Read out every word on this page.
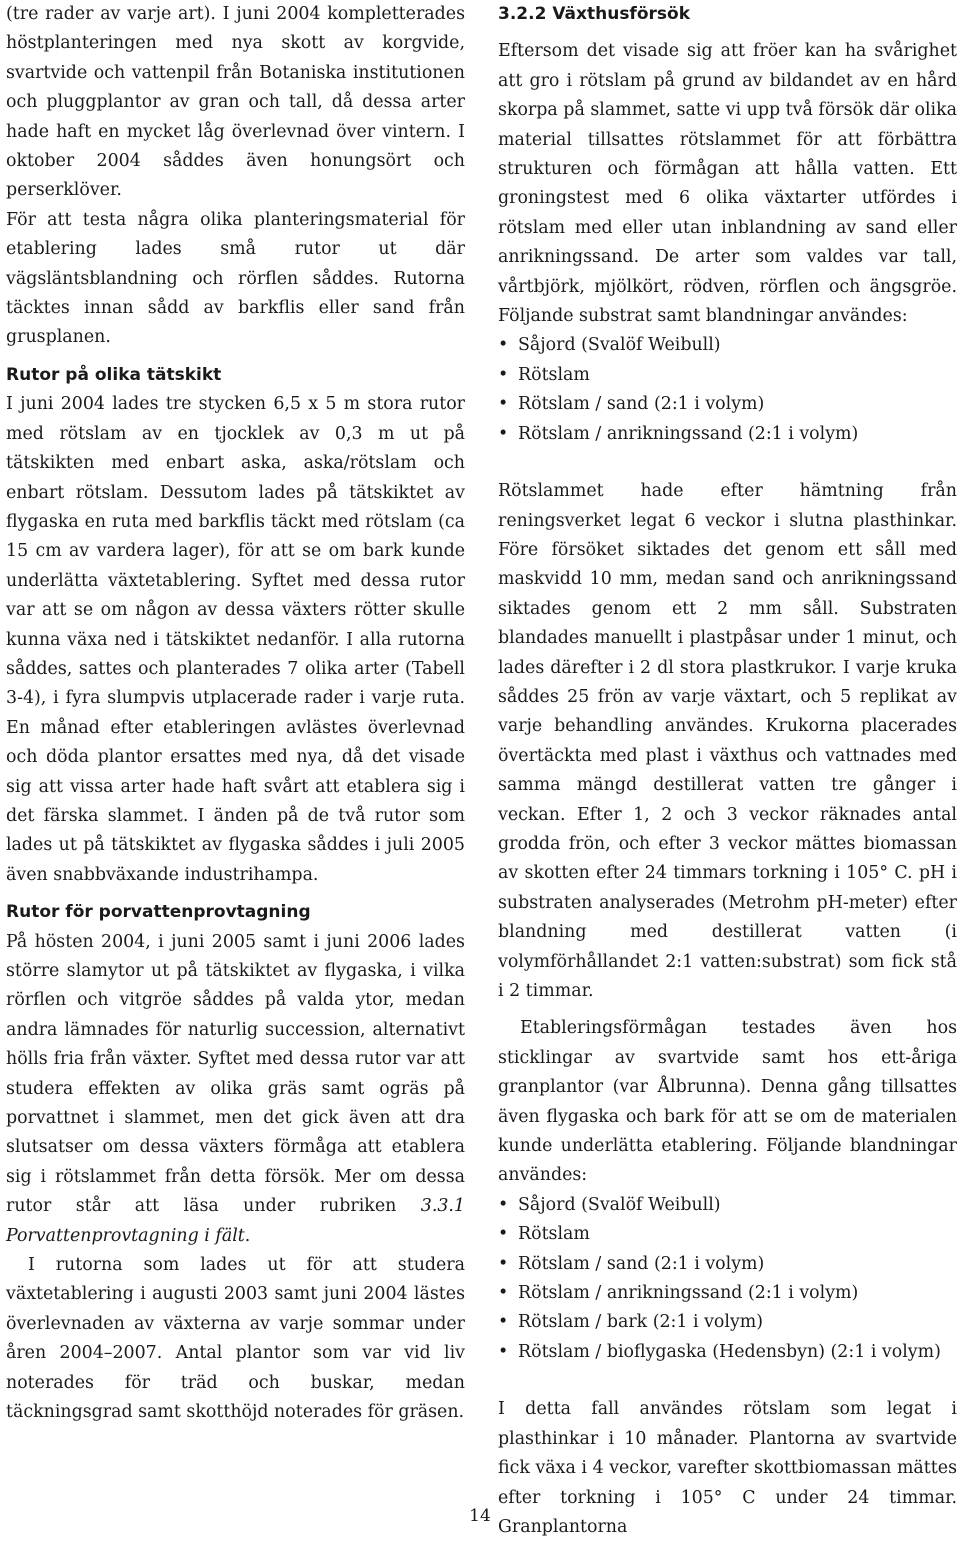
(tre rader av varje art). I juni 2004 kompletterades höstplanteringen med nya skott av korgvide, svartvide och vattenpil från Botaniska institutionen och pluggplantor av gran och tall, då dessa arter hade haft en mycket låg överlevnad över vintern. I oktober 2004 såddes även honungsört och perserklöver.

För att testa några olika planteringsmaterial för etablering lades små rutor ut där vägsläntsblandning och rörflen såddes. Rutorna täcktes innan sådd av barkflis eller sand från grusplanen.

Rutor på olika tätskikt

I juni 2004 lades tre stycken 6,5 x 5 m stora rutor med rötslam av en tjocklek av 0,3 m ut på tätskikten med enbart aska, aska/rötslam och enbart rötslam. Dessutom lades på tätskiktet av flygaska en ruta med barkflis täckt med rötslam (ca 15 cm av vardera lager), för att se om bark kunde underlätta växtetablering. Syftet med dessa rutor var att se om någon av dessa växters rötter skulle kunna växa ned i tätskiktet nedanför. I alla rutorna såddes, sattes och planterades 7 olika arter (Tabell 3-4), i fyra slumpvis utplacerade rader i varje ruta. En månad efter etableringen avlästes överlevnad och döda plantor ersattes med nya, då det visade sig att vissa arter hade haft svårt att etablera sig i det färska slammet. I änden på de två rutor som lades ut på tätskiktet av flygaska såddes i juli 2005 även snabbväxande industrihampa.

Rutor för porvattenprovtagning

På hösten 2004, i juni 2005 samt i juni 2006 lades större slamytor ut på tätskiktet av flygaska, i vilka rörflen och vitgröe såddes på valda ytor, medan andra lämnades för naturlig succession, alternativt hölls fria från växter. Syftet med dessa rutor var att studera effekten av olika gräs samt ogräs på porvattnet i slammet, men det gick även att dra slutsatser om dessa växters förmåga att etablera sig i rötslammet från detta försök. Mer om dessa rutor står att läsa under rubriken 3.3.1 Porvattenprovtagning i fält.

I rutorna som lades ut för att studera växtetablering i augusti 2003 samt juni 2004 lästes överlevnaden av växterna av varje sommar under åren 2004–2007. Antal plantor som var vid liv noterades för träd och buskar, medan täckningsgrad samt skotthöjd noterades för gräsen.

3.2.2 Växthusförsök

Eftersom det visade sig att fröer kan ha svårighet att gro i rötslam på grund av bildandet av en hård skorpa på slammet, satte vi upp två försök där olika material tillsattes rötslammet för att förbättra strukturen och förmågan att hålla vatten. Ett groningstest med 6 olika växtarter utfördes i rötslam med eller utan inblandning av sand eller anrikningssand. De arter som valdes var tall, vårtbjörk, mjölkört, rödven, rörflen och ängsgröe. Följande substrat samt blandningar användes:

• Såjord (Svalöf Weibull)
• Rötslam
• Rötslam / sand (2:1 i volym)
• Rötslam / anrikningssand (2:1 i volym)

Rötslammet hade efter hämtning från reningsverket legat 6 veckor i slutna plasthinkar. Före försöket siktades det genom ett såll med maskvidd 10 mm, medan sand och anrikningssand siktades genom ett 2 mm såll. Substraten blandades manuellt i plastpåsar under 1 minut, och lades därefter i 2 dl stora plastkrukor. I varje kruka såddes 25 frön av varje växtart, och 5 replikat av varje behandling användes. Krukorna placerades övertäckta med plast i växthus och vattnades med samma mängd destillerat vatten tre gånger i veckan. Efter 1, 2 och 3 veckor räknades antal grodda frön, och efter 3 veckor mättes biomassan av skotten efter 24 timmars torkning i 105° C. pH i substraten analyserades (Metrohm pH-meter) efter blandning med destillerat vatten (i volymförhållandet 2:1 vatten:substrat) som fick stå i 2 timmar.

Etableringsförmågan testades även hos sticklingar av svartvide samt hos ett-åriga granplantor (var Ålbrunna). Denna gång tillsattes även flygaska och bark för att se om de materialen kunde underlätta etablering. Följande blandningar användes:

• Såjord (Svalöf Weibull)
• Rötslam
• Rötslam / sand (2:1 i volym)
• Rötslam / anrikningssand (2:1 i volym)
• Rötslam / bark (2:1 i volym)
• Rötslam / bioflygaska (Hedensbyn) (2:1 i volym)

I detta fall användes rötslam som legat i plasthinkar i 10 månader. Plantorna av svartvide fick växa i 4 veckor, varefter skottbiomassan mättes efter torkning i 105° C under 24 timmar. Granplantorna

14
